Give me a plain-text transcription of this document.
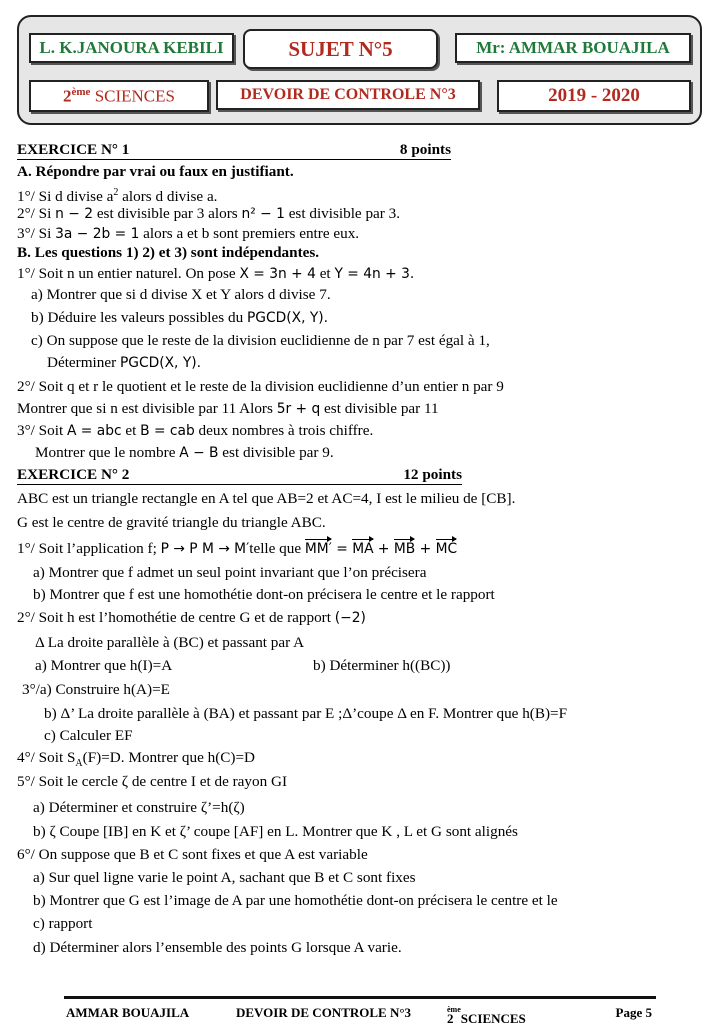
L. K.JANOURA KEBILI	SUJET N°5	Mr: AMMAR BOUAJILA
2ème SCIENCES	DEVOIR DE CONTROLE N°3	2019 - 2020
EXERCICE N° 1	8 points
A. Répondre par vrai ou faux en justifiant.
1°/ Si d divise $a^2$ alors d divise a.
2°/ Si n − 2 est divisible par 3 alors n² − 1 est divisible par 3.
3°/ Si 3a − 2b = 1 alors a et b sont premiers entre eux.
B. Les questions 1) 2) et 3) sont indépendantes.
1°/ Soit n un entier naturel. On pose X = 3n + 4 et Y = 4n + 3.
a) Montrer que si d divise X et Y alors d divise 7.
b) Déduire les valeurs possibles du PGCD(X, Y).
c) On suppose que le reste de la division euclidienne de n par 7 est égal à 1,
Déterminer PGCD(X, Y).
2°/ Soit q et r le quotient et le reste de la division euclidienne d’un entier n par 9
Montrer que si n est divisible par 11 Alors 5r + q est divisible par 11
3°/ Soit A = abc et B = cab deux nombres à trois chiffre.
Montrer que le nombre A − B est divisible par 9.
EXERCICE N° 2	12 points
ABC est un triangle rectangle en A tel que AB=2 et AC=4, I est le milieu de [CB].
G est le centre de gravité triangle du triangle ABC.
1°/ Soit l’application f; P → P M → M′telle que MM′ = MA + MB + MC
a) Montrer que f admet un seul point invariant que l’on précisera
b) Montrer que f est une homothétie dont-on précisera le centre et le rapport
2°/ Soit h est l’homothétie de centre G et de rapport (−2)
Δ La droite parallèle à (BC) et passant par A
a) Montrer que h(I)=A	b) Déterminer h((BC))
3°/a) Construire h(A)=E
b) Δ’ La droite parallèle à (BA) et passant par E ;Δ’coupe Δ en F. Montrer que h(B)=F
c) Calculer EF
4°/ Soit $S_A(F)=D$. Montrer que h(C)=D
5°/ Soit le cercle ζ de centre I et de rayon GI
a) Déterminer et construire ζ’=h(ζ)
b) ζ Coupe [IB] en K et ζ’ coupe [AF] en L. Montrer que K , L et G sont alignés
6°/ On suppose que B et C sont fixes et que A est variable
a) Sur quel ligne varie le point A, sachant que B et C sont fixes
b) Montrer que G est l’image de A par une homothétie dont-on précisera le centre et le
c) rapport
d) Déterminer alors l’ensemble des points G lorsque A varie.
AMMAR BOUAJILA	DEVOIR DE CONTROLE N°3	2
$^{ème}$
SCIENCES	Page 5
